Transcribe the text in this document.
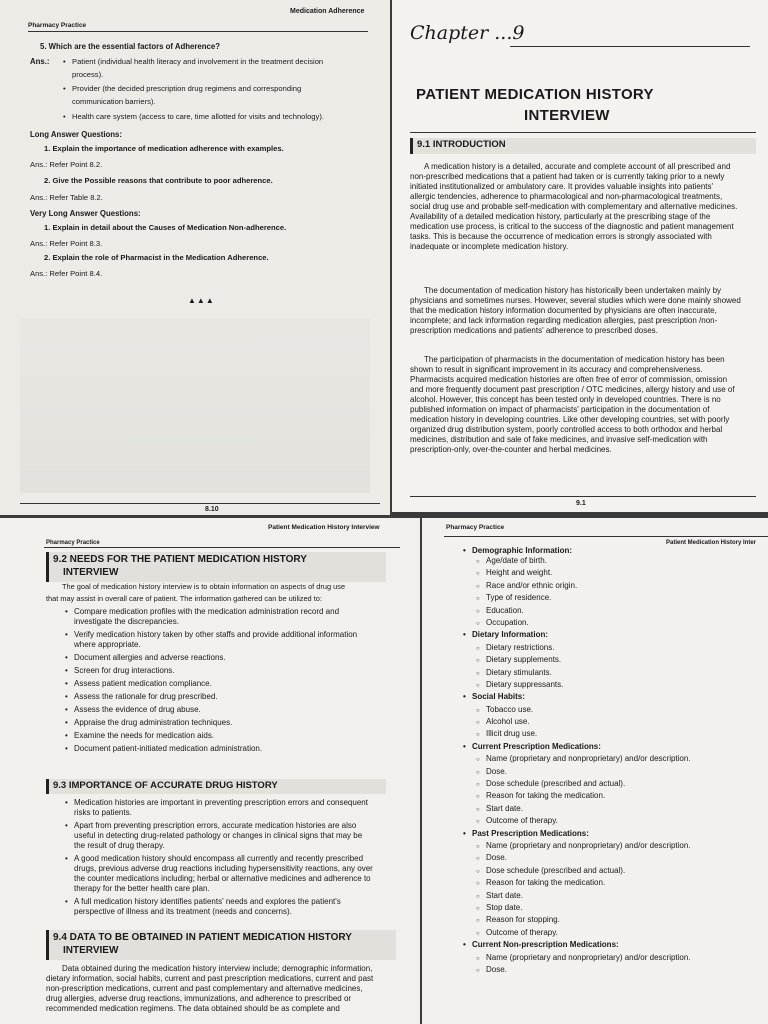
Pharmacy Practice
Medication Adherence
5. Which are the essential factors of Adherence?
Ans.:
•	Patient (individual health literacy and involvement in the treatment decision
process).
• Provider (the decided prescription drug regimens and corresponding
communication barriers).
• Health care system (access to care, time allotted for visits and technology).
Long Answer Questions:
1. Explain the importance of medication adherence with examples.
Ans.: Refer Point 8.2.
2. Give the Possible reasons that contribute to poor adherence.
Ans.: Refer Table 8.2.
Very Long Answer Questions:
1. Explain in detail about the Causes of Medication Non-adherence.
Ans.: Refer Point 8.3.
2. Explain the role of Pharmacist in the Medication Adherence.
Ans.: Refer Point 8.4.
▲▲▲
8.10
Chapter ...9
PATIENT MEDICATION HISTORY
INTERVIEW
9.1 INTRODUCTION
A medication history is a detailed, accurate and complete account of all prescribed and
non-prescribed medications that a patient had taken or is currently taking prior to a newly
initiated institutionalized or ambulatory care. It provides valuable insights into patients'
allergic tendencies, adherence to pharmacological and non-pharmacological treatments,
social drug use and probable self-medication with complementary and alternative medicines.
Availability of a detailed medication history, particularly at the prescribing stage of the
medication use process, is critical to the success of the diagnostic and patient management
tasks. This is because the occurrence of medication errors is strongly associated with
inadequate or incomplete medication history.
The documentation of medication history has historically been undertaken mainly by
physicians and sometimes nurses. However, several studies which were done mainly showed
that the medication history information documented by physicians are often inaccurate,
incomplete; and lack information regarding medication allergies, past prescription /non-
prescription medications and patients' adherence to prescribed doses.
The participation of pharmacists in the documentation of medication history has been
shown to result in significant improvement in its accuracy and comprehensiveness.
Pharmacists acquired medication histories are often free of error of commission, omission
and more frequently document past prescription / OTC medicines, allergy history and use of
alcohol. However, this concept has been tested only in developed countries. There is no
published information on impact of pharmacists' participation in the documentation of
medication history in developing countries. Like other developing countries, set with poorly
organized drug distribution system, poorly controlled access to both orthodox and herbal
medicines, distribution and sale of fake medicines, and invasive self-medication with
prescription-only, over-the-counter and herbal medicines.
9.1
Pharmacy Practice
Patient Medication History Interview
9.2 NEEDS FOR THE PATIENT MEDICATION HISTORY
INTERVIEW
The goal of medication history interview is to obtain information on aspects of drug use
that may assist in overall care of patient. The information gathered can be utilized to:
• Compare medication profiles with the medication administration record and
investigate the discrepancies.
• Verify medication history taken by other staffs and provide additional information
where appropriate.
• Document allergies and adverse reactions.
• Screen for drug interactions.
• Assess patient medication compliance.
• Assess the rationale for drug prescribed.
• Assess the evidence of drug abuse.
• Appraise the drug administration techniques.
• Examine the needs for medication aids.
• Document patient-initiated medication administration.
9.3 IMPORTANCE OF ACCURATE DRUG HISTORY
• Medication histories are important in preventing prescription errors and consequent
risks to patients.
• Apart from preventing prescription errors, accurate medication histories are also
useful in detecting drug-related pathology or changes in clinical signs that may be
the result of drug therapy.
• A good medication history should encompass all currently and recently prescribed
drugs, previous adverse drug reactions including hypersensitivity reactions, any over
the counter medications including; herbal or alternative medicines and adherence to
therapy for the better health care plan.
• A full medication history identifies patients' needs and explores the patient's
perspective of illness and its treatment (needs and concerns).
9.4 DATA TO BE OBTAINED IN PATIENT MEDICATION HISTORY
INTERVIEW
Data obtained during the medication history interview include; demographic information,
dietary information, social habits, current and past prescription medications, current and past
non-prescription medications, current and past complementary and alternative medicines,
drug allergies, adverse drug reactions, immunizations, and adherence to prescribed or
recommended medication regimens. The data obtained should be as complete and
Pharmacy Practice
Patient Medication History Inter
• Demographic Information:
○ Age/date of birth.
○ Height and weight.
○ Race and/or ethnic origin.
○ Type of residence.
○ Education.
○ Occupation.
• Dietary Information:
○ Dietary restrictions.
○ Dietary supplements.
○ Dietary stimulants.
○ Dietary suppressants.
• Social Habits:
○ Tobacco use.
○ Alcohol use.
○ Illicit drug use.
• Current Prescription Medications:
○ Name (proprietary and nonproprietary) and/or description.
○ Dose.
○ Dose schedule (prescribed and actual).
○ Reason for taking the medication.
○ Start date.
○ Outcome of therapy.
• Past Prescription Medications:
○ Name (proprietary and nonproprietary) and/or description.
○ Dose.
○ Dose schedule (prescribed and actual).
○ Reason for taking the medication.
○ Start date.
○ Stop date.
○ Reason for stopping.
○ Outcome of therapy.
• Current Non-prescription Medications:
○ Name (proprietary and nonproprietary) and/or description.
○ Dose.
